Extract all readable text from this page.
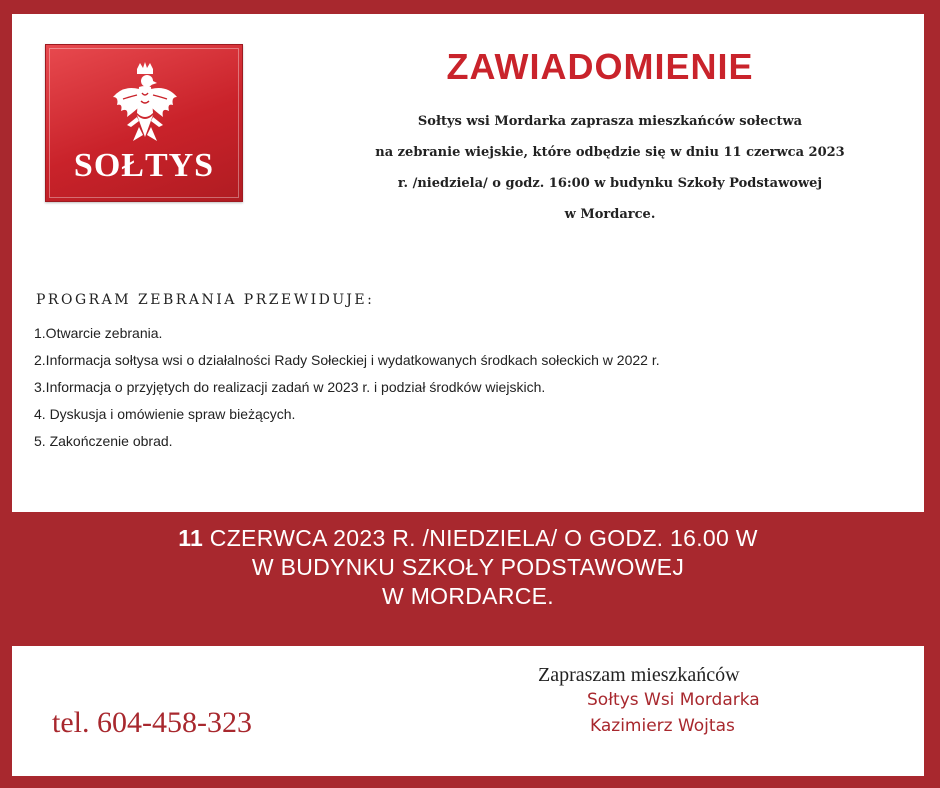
SOŁTYS
ZAWIADOMIENIE
Sołtys wsi Mordarka zaprasza mieszkańców sołectwa
na zebranie wiejskie, które odbędzie się w dniu 11 czerwca 2023
r. /niedziela/ o godz. 16:00 w budynku Szkoły Podstawowej
w Mordarce.
PROGRAM ZEBRANIA PRZEWIDUJE:
1.Otwarcie zebrania.
2.Informacja sołtysa wsi o działalności Rady Sołeckiej i wydatkowanych środkach sołeckich w 2022 r.
3.Informacja o przyjętych do realizacji zadań w 2023 r. i podział środków wiejskich.
4. Dyskusja i omówienie spraw bieżących.
5. Zakończenie obrad.
11 CZERWCA 2023 R. /NIEDZIELA/ O GODZ. 16.00 W
W BUDYNKU SZKOŁY PODSTAWOWEJ
W MORDARCE.
tel. 604-458-323
Zapraszam mieszkańców
Sołtys Wsi Mordarka
Kazimierz Wojtas
